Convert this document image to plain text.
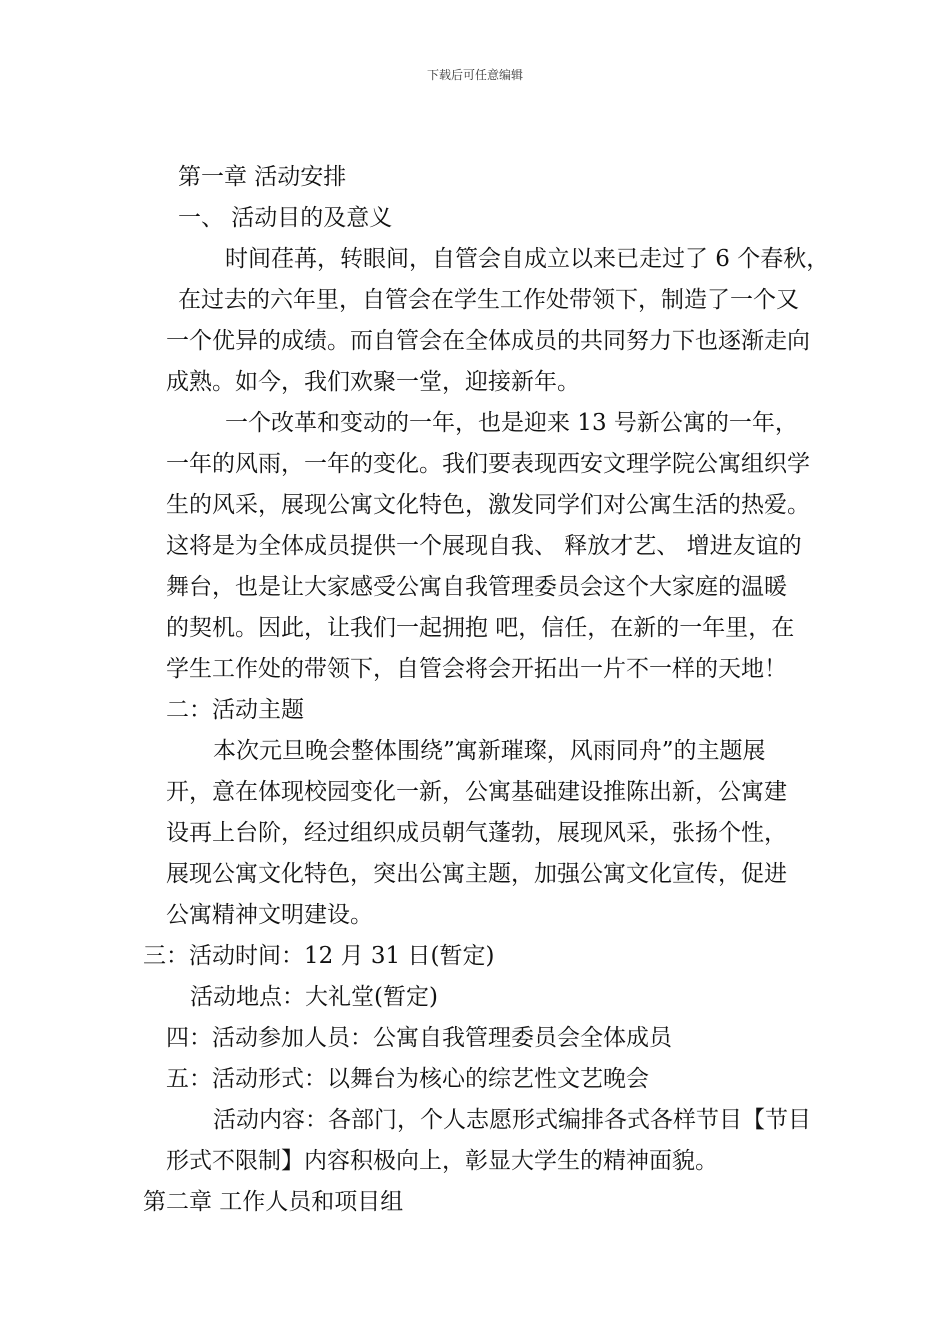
下载后可任意编辑
第一章 活动安排
一、 活动目的及意义
时间荏苒，转眼间，自管会自成立以来已走过了 6 个春秋，
在过去的六年里，自管会在学生工作处带领下，制造了一个又
一个优异的成绩。而自管会在全体成员的共同努力下也逐渐走向
成熟。如今，我们欢聚一堂，迎接新年。
一个改革和变动的一年，也是迎来 13 号新公寓的一年，
一年的风雨，一年的变化。我们要表现西安文理学院公寓组织学
生的风采，展现公寓文化特色，激发同学们对公寓生活的热爱。
这将是为全体成员提供一个展现自我、 释放才艺、 增进友谊的
舞台，也是让大家感受公寓自我管理委员会这个大家庭的温暖
的契机。因此，让我们一起拥抱 吧，信任，在新的一年里，在
学生工作处的带领下，自管会将会开拓出一片不一样的天地！
二：活动主题
本次元旦晚会整体围绕”寓新璀璨，风雨同舟”的主题展
开，意在体现校园变化一新，公寓基础建设推陈出新，公寓建
设再上台阶，经过组织成员朝气蓬勃，展现风采，张扬个性，
展现公寓文化特色，突出公寓主题，加强公寓文化宣传，促进
公寓精神文明建设。
三：活动时间：12 月 31 日(暂定)
活动地点：大礼堂(暂定)
四：活动参加人员：公寓自我管理委员会全体成员
五：活动形式：以舞台为核心的综艺性文艺晚会
活动内容：各部门，个人志愿形式编排各式各样节目【节目
形式不限制】内容积极向上，彰显大学生的精神面貌。
第二章 工作人员和项目组
